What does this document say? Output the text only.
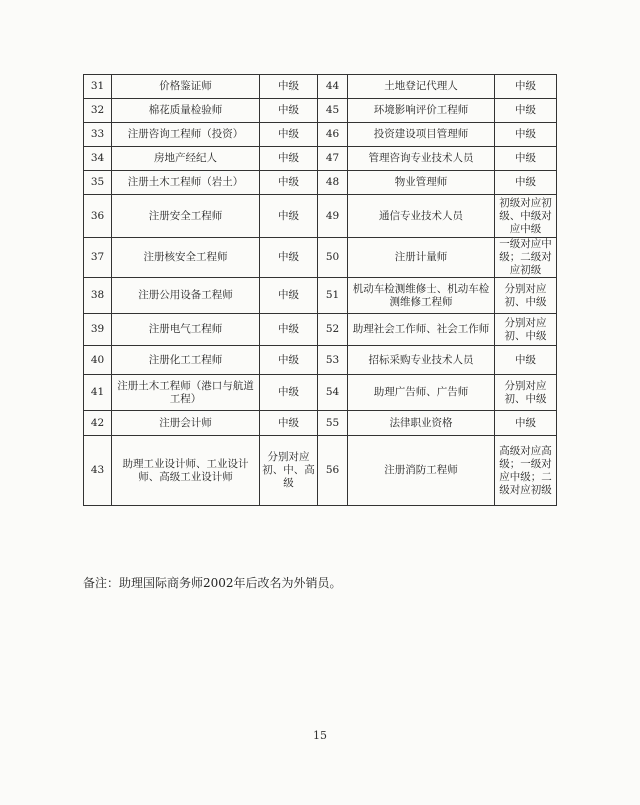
31	价格鉴证师	中级	44	土地登记代理人	中级
32	棉花质量检验师	中级	45	环境影响评价工程师	中级
33	注册咨询工程师（投资）	中级	46	投资建设项目管理师	中级
34	房地产经纪人	中级	47	管理咨询专业技术人员	中级
35	注册土木工程师（岩土）	中级	48	物业管理师	中级
36	注册安全工程师	中级	49	通信专业技术人员	初级对应初级、中级对应中级
37	注册核安全工程师	中级	50	注册计量师	一级对应中级；二级对应初级
38	注册公用设备工程师	中级	51	机动车检测维修士、机动车检测维修工程师	分别对应初、中级
39	注册电气工程师	中级	52	助理社会工作师、社会工作师	分别对应初、中级
40	注册化工工程师	中级	53	招标采购专业技术人员	中级
41	注册土木工程师（港口与航道工程）	中级	54	助理广告师、广告师	分别对应初、中级
42	注册会计师	中级	55	法律职业资格	中级
43	助理工业设计师、工业设计师、高级工业设计师	分别对应初、中、高级	56	注册消防工程师	高级对应高级；一级对应中级；二级对应初级
备注：助理国际商务师2002年后改名为外销员。
15
